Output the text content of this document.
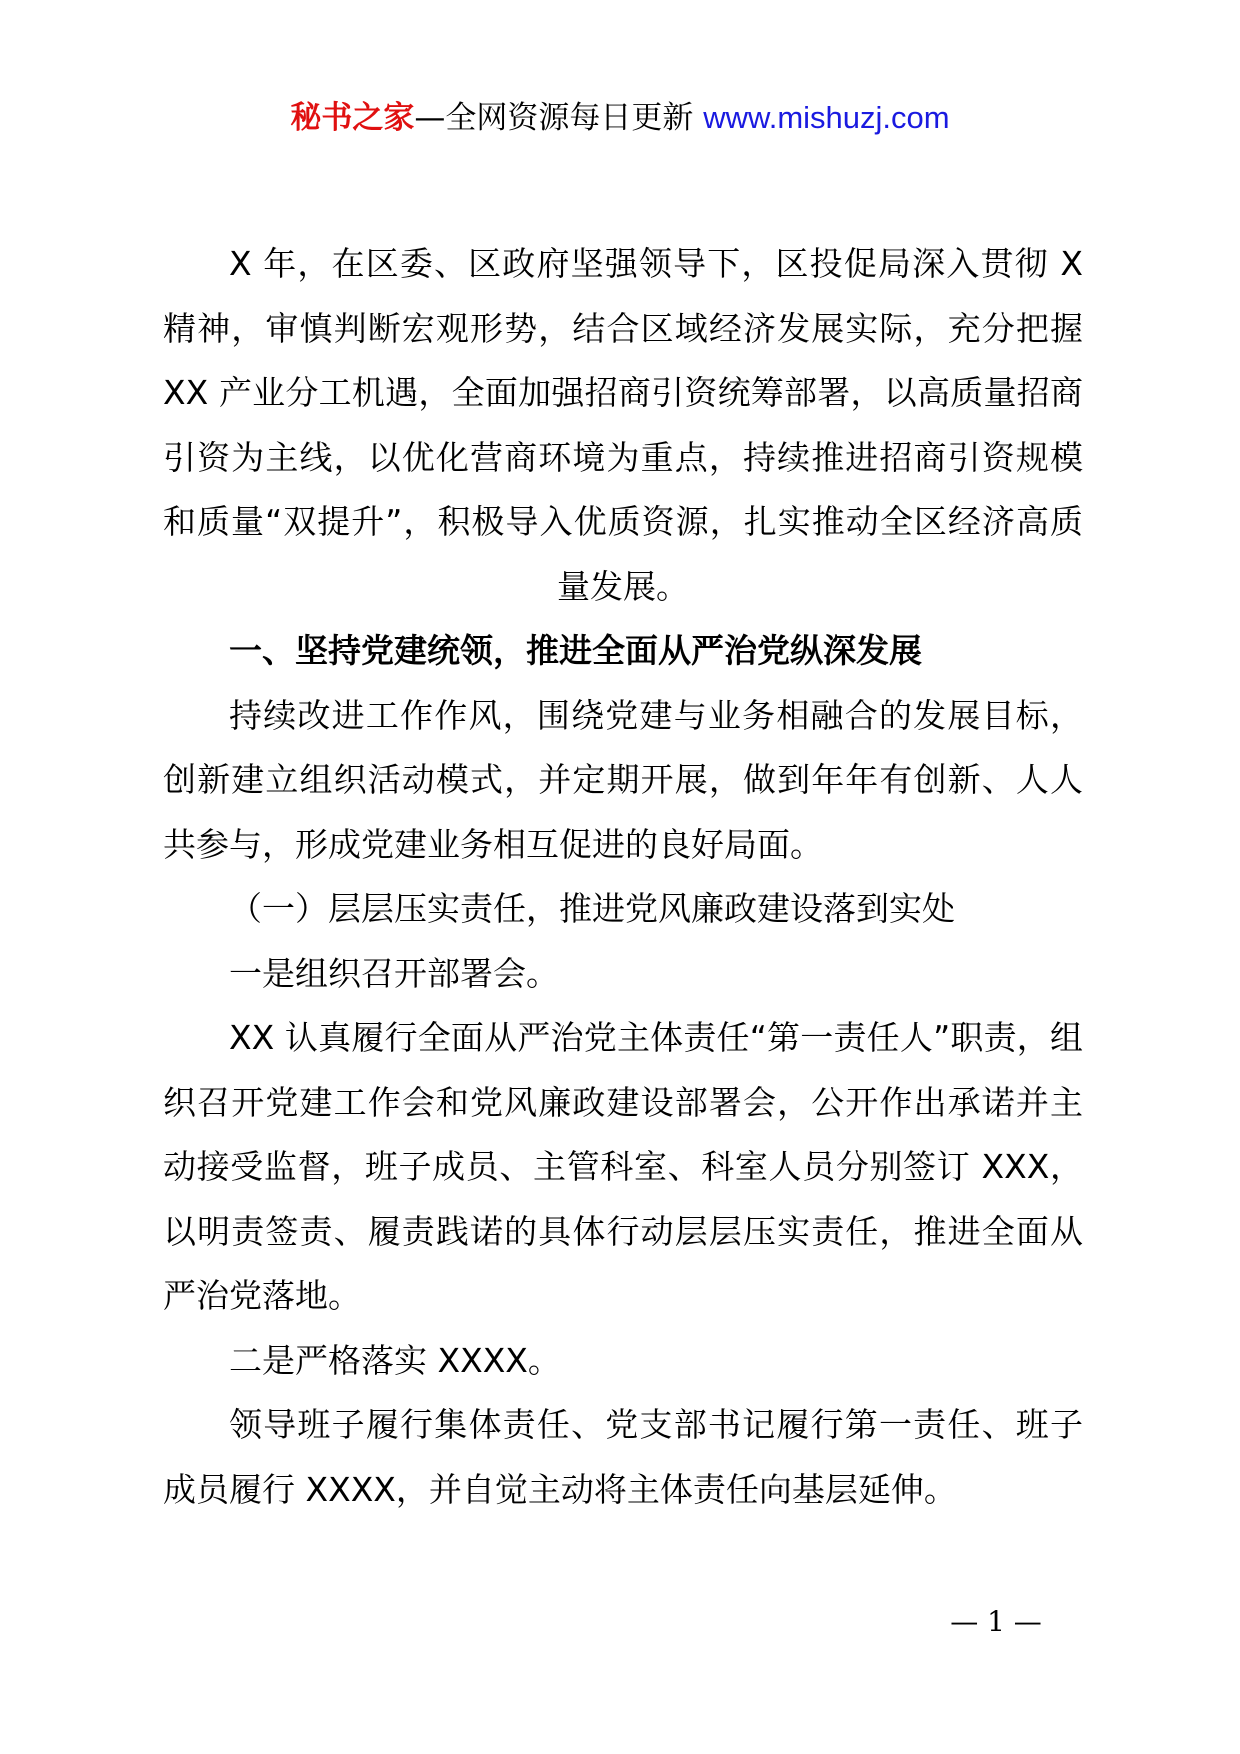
秘书之家—全网资源每日更新 www.mishuzj.com

X 年，在区委、区政府坚强领导下，区投促局深入贯彻 X 精神，审慎判断宏观形势，结合区域经济发展实际，充分把握 XX 产业分工机遇，全面加强招商引资统筹部署，以高质量招商引资为主线，以优化营商环境为重点，持续推进招商引资规模和质量“双提升”，积极导入优质资源，扎实推动全区经济高质量发展。

一、坚持党建统领，推进全面从严治党纵深发展

持续改进工作作风，围绕党建与业务相融合的发展目标，创新建立组织活动模式，并定期开展，做到年年有创新、人人共参与，形成党建业务相互促进的良好局面。

（一）层层压实责任，推进党风廉政建设落到实处

一是组织召开部署会。

XX 认真履行全面从严治党主体责任“第一责任人”职责，组织召开党建工作会和党风廉政建设部署会，公开作出承诺并主动接受监督，班子成员、主管科室、科室人员分别签订 XXX，以明责签责、履责践诺的具体行动层层压实责任，推进全面从严治党落地。

二是严格落实 XXXX。

领导班子履行集体责任、党支部书记履行第一责任、班子成员履行 XXXX，并自觉主动将主体责任向基层延伸。

— 1 —
